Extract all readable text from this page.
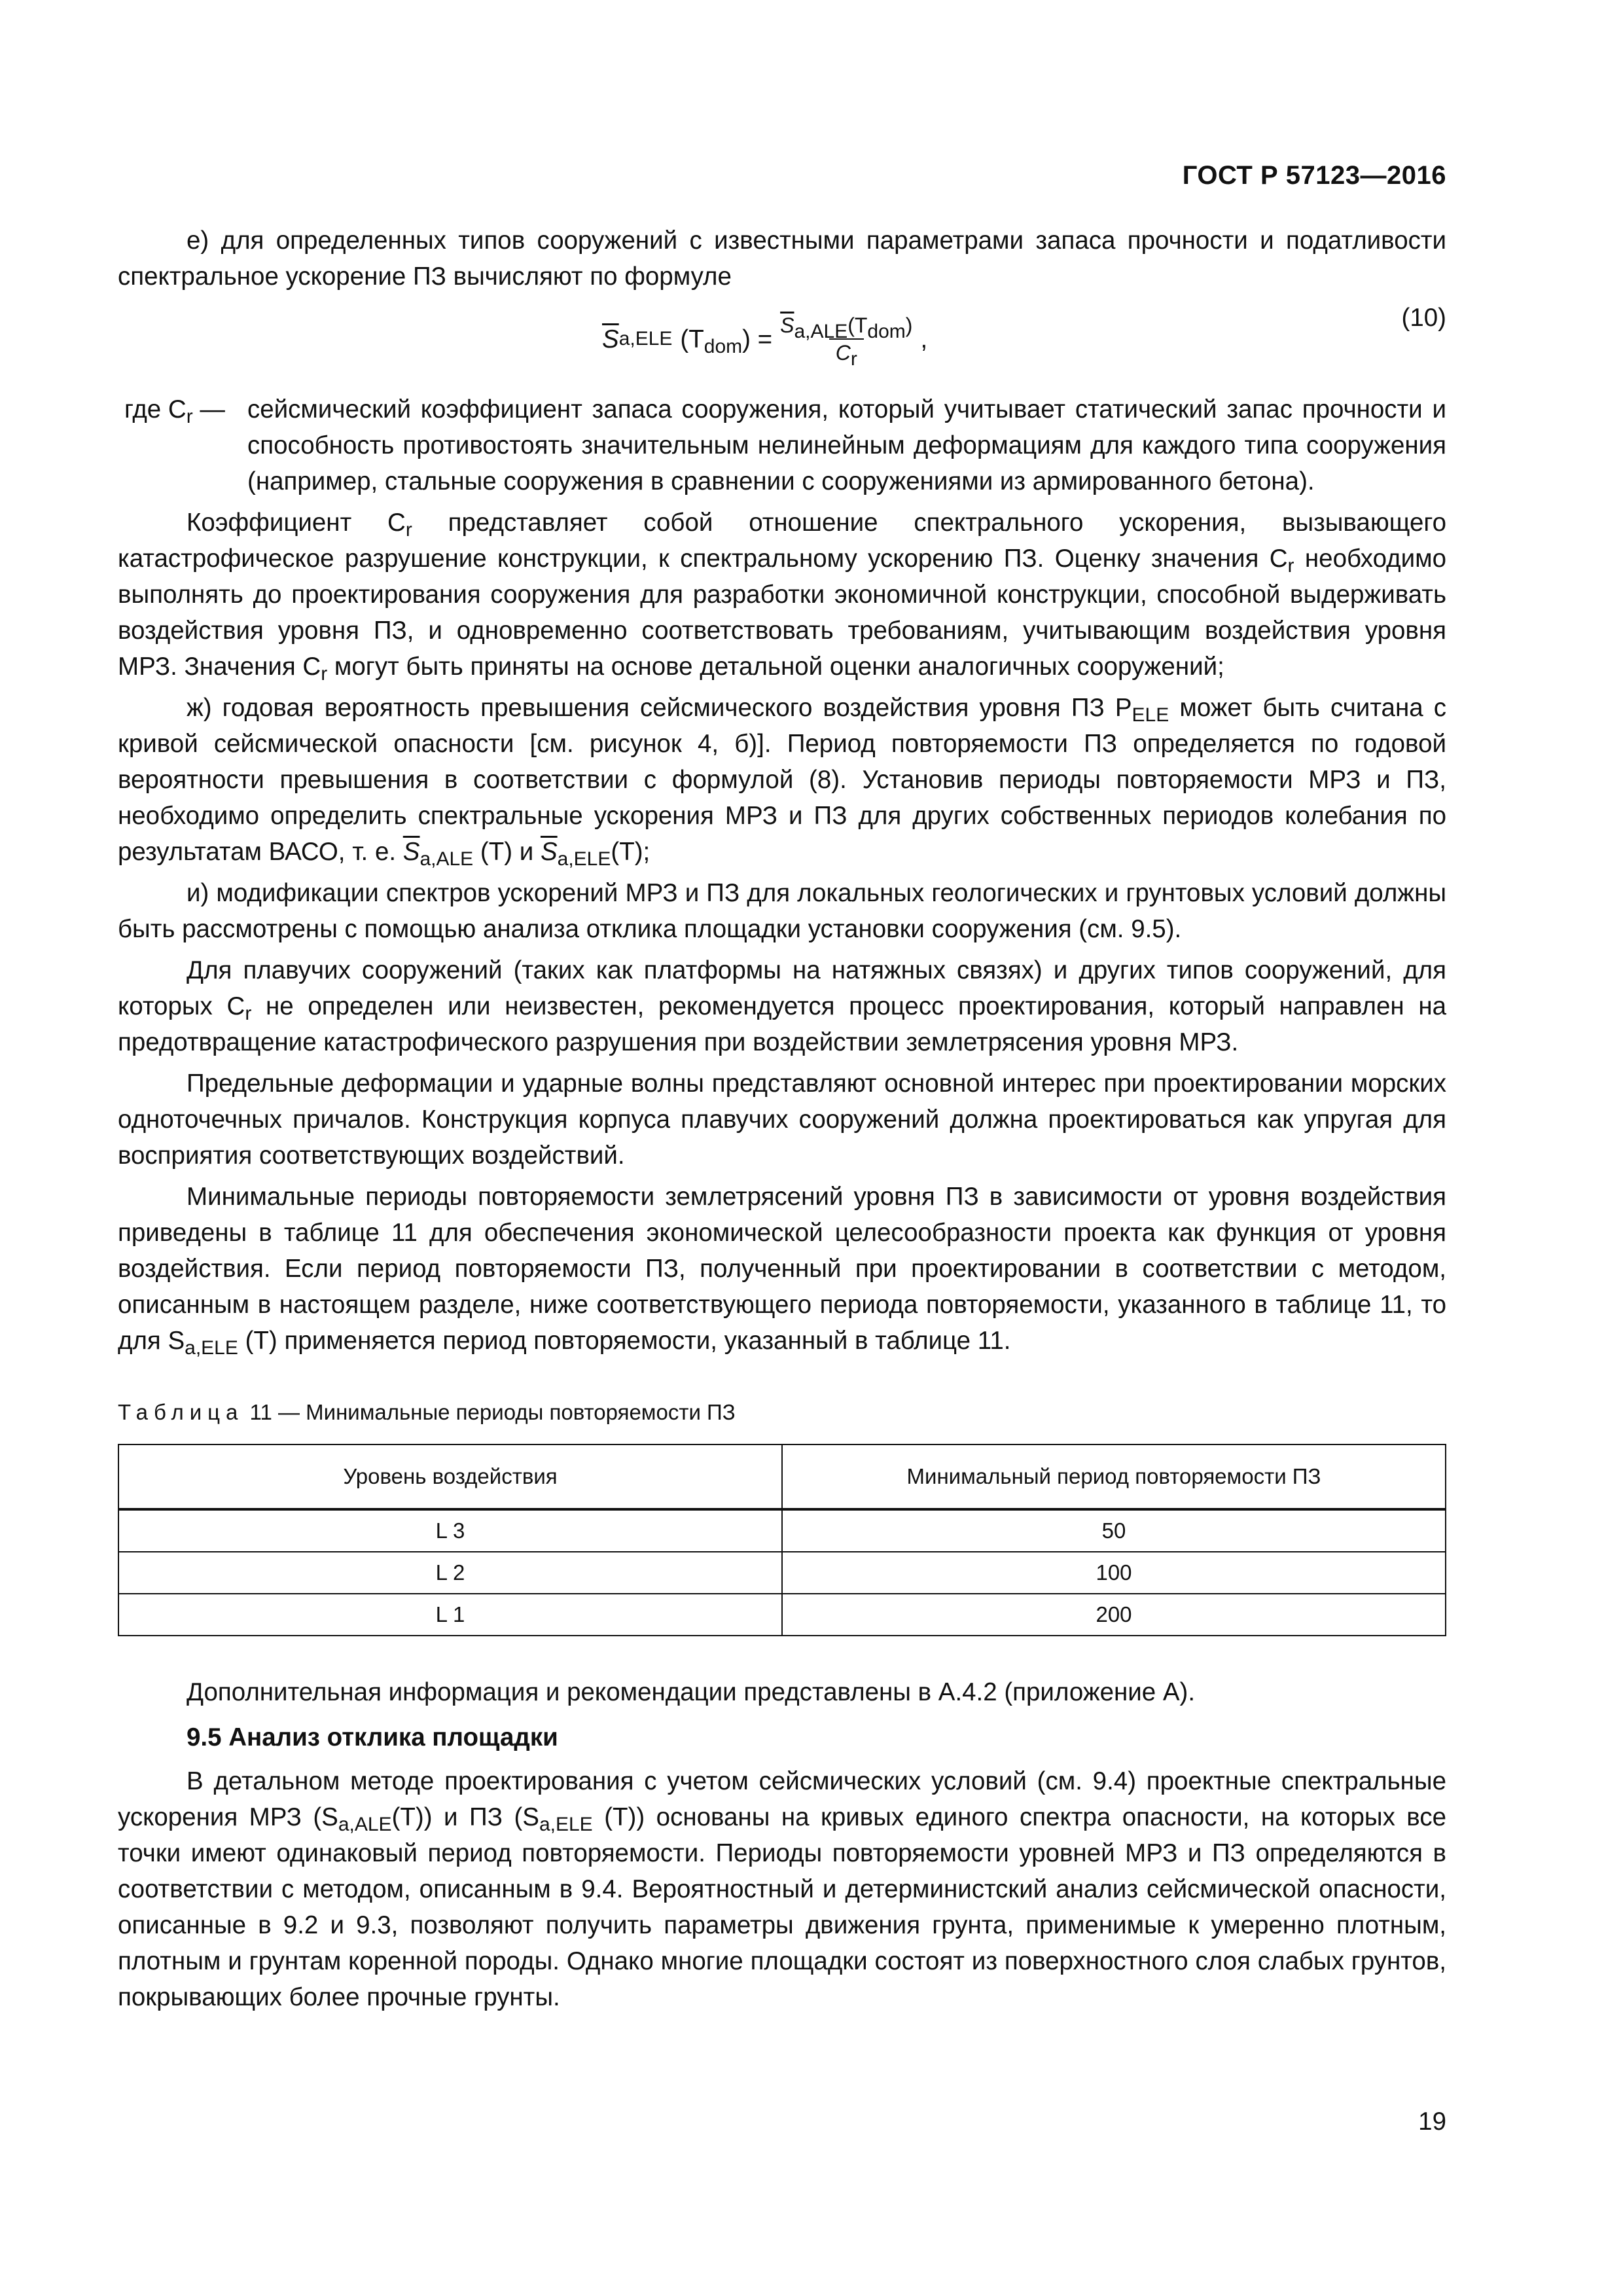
ГОСТ Р 57123—2016

е) для определенных типов сооружений с известными параметрами запаса прочности и податливости спектральное ускорение ПЗ вычисляют по формуле

$\overline{S}$ a,ELE $(T_{dom}) = \frac{\overline{S}_{a,ALE}(T_{dom})}{C_r}$ ,
(10)
где $C_r$ — сейсмический коэффициент запаса сооружения, который учитывает статический запас прочности и способность противостоять значительным нелинейным деформациям для каждого типа сооружения (например, стальные сооружения в сравнении с сооружениями из армированного бетона).

Коэффициент $C_r$ представляет собой отношение спектрального ускорения, вызывающего катастрофическое разрушение конструкции, к спектральному ускорению ПЗ. Оценку значения $C_r$ необходимо выполнять до проектирования сооружения для разработки экономичной конструкции, способной выдерживать воздействия уровня ПЗ, и одновременно соответствовать требованиям, учитывающим воздействия уровня МРЗ. Значения $C_r$ могут быть приняты на основе детальной оценки аналогичных сооружений;

ж) годовая вероятность превышения сейсмического воздействия уровня ПЗ $P_{ELE}$ может быть считана с кривой сейсмической опасности [см. рисунок 4, б)]. Период повторяемости ПЗ определяется по годовой вероятности превышения в соответствии с формулой (8). Установив периоды повторяемости МРЗ и ПЗ, необходимо определить спектральные ускорения МРЗ и ПЗ для других собственных периодов колебания по результатам ВАСО, т. е. $\overline{S}_{a,ALE}$ (T) и $\overline{S}_{a,ELE}(T)$;

и) модификации спектров ускорений МРЗ и ПЗ для локальных геологических и грунтовых условий должны быть рассмотрены с помощью анализа отклика площадки установки сооружения (см. 9.5).

Для плавучих сооружений (таких как платформы на натяжных связях) и других типов сооружений, для которых $C_r$ не определен или неизвестен, рекомендуется процесс проектирования, который направлен на предотвращение катастрофического разрушения при воздействии землетрясения уровня МРЗ.

Предельные деформации и ударные волны представляют основной интерес при проектировании морских одноточечных причалов. Конструкция корпуса плавучих сооружений должна проектироваться как упругая для восприятия соответствующих воздействий.

Минимальные периоды повторяемости землетрясений уровня ПЗ в зависимости от уровня воздействия приведены в таблице 11 для обеспечения экономической целесообразности проекта как функция от уровня воздействия. Если период повторяемости ПЗ, полученный при проектировании в соответствии с методом, описанным в настоящем разделе, ниже соответствующего периода повторяемости, указанного в таблице 11, то для $S_{a,ELE}$ (T) применяется период повторяемости, указанный в таблице 11.

Таблица 11 — Минимальные периоды повторяемости ПЗ
Уровень воздействия	Минимальный период повторяемости ПЗ
L 3	50
L 2	100
L 1	200

Дополнительная информация и рекомендации представлены в А.4.2 (приложение А).

9.5 Анализ отклика площадки

В детальном методе проектирования с учетом сейсмических условий (см. 9.4) проектные спектральные ускорения МРЗ $(S_{a,ALE}(T))$ и ПЗ ($S_{a,ELE}$ (T)) основаны на кривых единого спектра опасности, на которых все точки имеют одинаковый период повторяемости. Периоды повторяемости уровней МРЗ и ПЗ определяются в соответствии с методом, описанным в 9.4. Вероятностный и детерминистский анализ сейсмической опасности, описанные в 9.2 и 9.3, позволяют получить параметры движения грунта, применимые к умеренно плотным, плотным и грунтам коренной породы. Однако многие площадки состоят из поверхностного слоя слабых грунтов, покрывающих более прочные грунты.

19
